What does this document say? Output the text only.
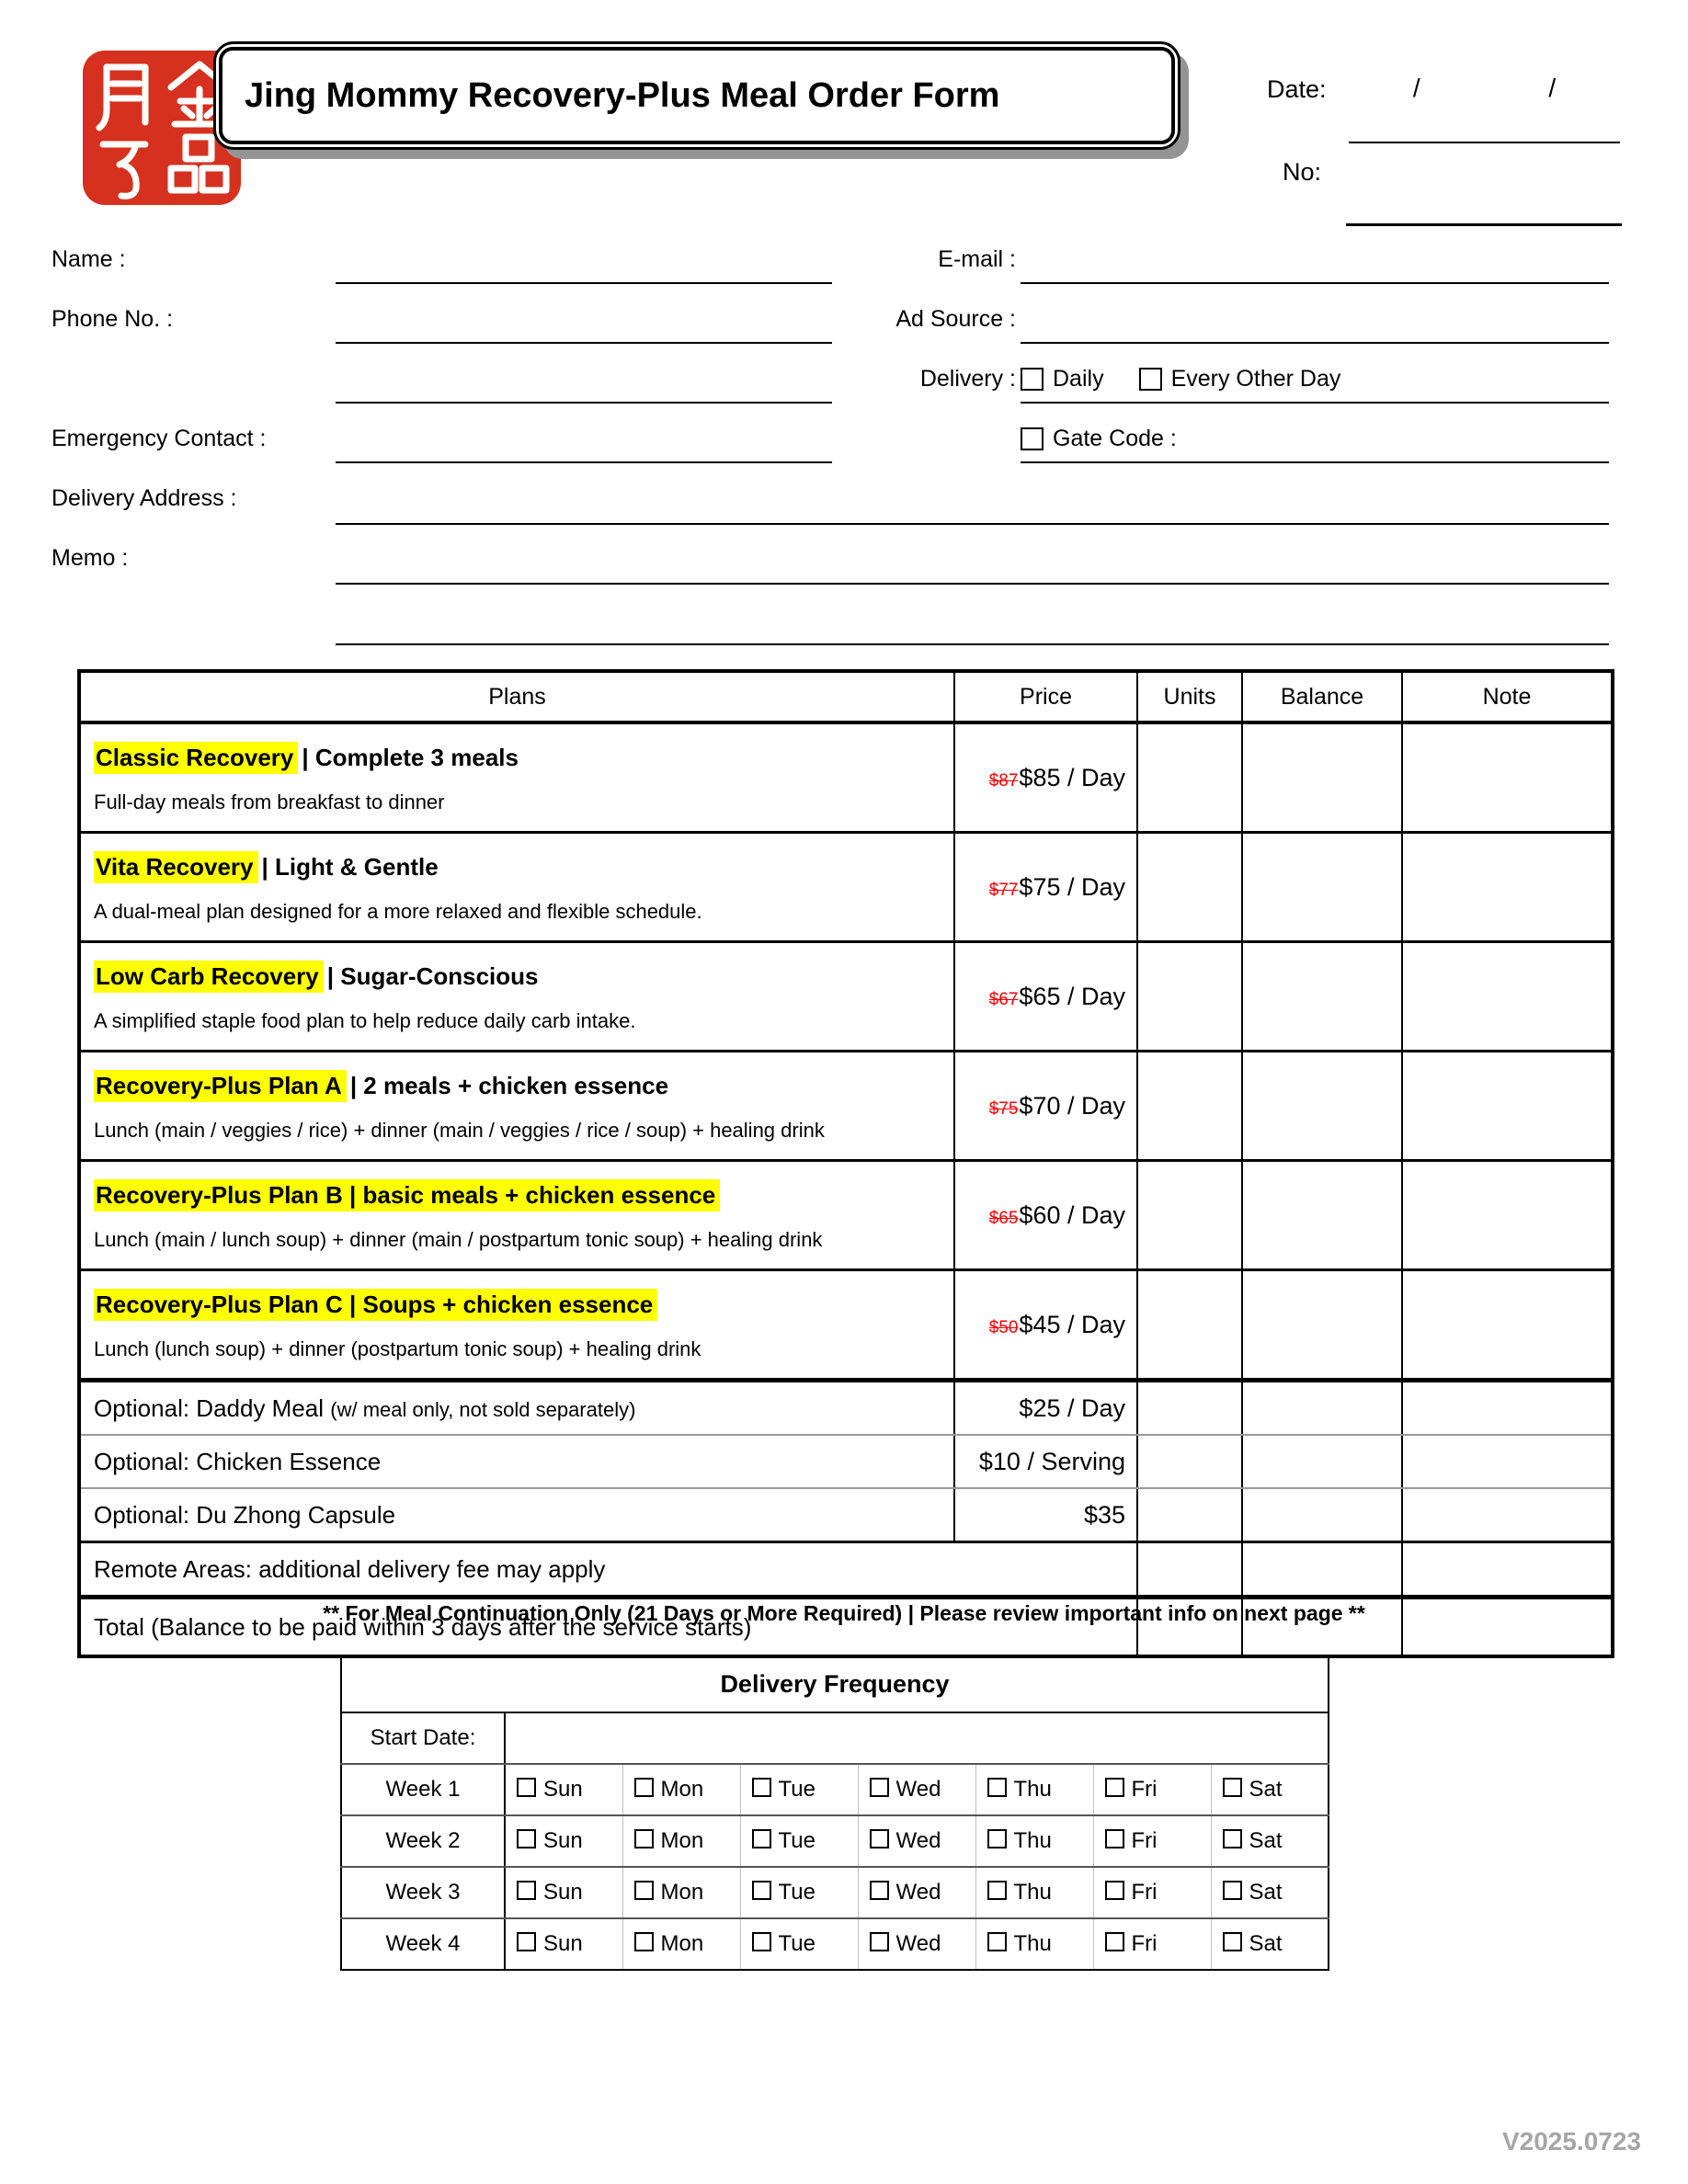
Jing Mommy Recovery-Plus Meal Order Form	Date:	/	/
No:
Name :	E-mail :
Phone No. :	Ad Source :
Delivery : Daily	Every Other Day
Emergency Contact :	Gate Code :
Delivery Address :
Memo :
Plans	Price	Units	Balance	Note

Classic Recovery | Complete 3 meals
Full-day meals from breakfast to dinner	$87$85 / Day			

Vita Recovery | Light & Gentle
A dual-meal plan designed for a more relaxed and flexible schedule.	$77$75 / Day			

Low Carb Recovery | Sugar-Conscious
A simplified staple food plan to help reduce daily carb intake.	$67$65 / Day			

Recovery-Plus Plan A | 2 meals + chicken essence
Lunch (main / veggies / rice) + dinner (main / veggies / rice / soup) + healing drink	$75$70 / Day			

Recovery-Plus Plan B | basic meals + chicken essence
Lunch (main / lunch soup) + dinner (main / postpartum tonic soup) + healing drink	$65$60 / Day			

Recovery-Plus Plan C | Soups + chicken essence
Lunch (lunch soup) + dinner (postpartum tonic soup) + healing drink	$50$45 / Day			
Optional: Daddy Meal (w/ meal only, not sold separately)	$25 / Day			
Optional: Chicken Essence	$10 / Serving			
Optional: Du Zhong Capsule	$35			
Remote Areas: additional delivery fee may apply				
Total (Balance to be paid within 3 days after the service starts)				
** For Meal Continuation Only (21 Days or More Required) | Please review important info on next page **
Delivery Frequency							
Start Date:							
Week 1	Sun	Mon	Tue	Wed	Thu	Fri	Sat
Week 2	Sun	Mon	Tue	Wed	Thu	Fri	Sat
Week 3	Sun	Mon	Tue	Wed	Thu	Fri	Sat
Week 4	Sun	Mon	Tue	Wed	Thu	Fri	Sat
V2025.0723
